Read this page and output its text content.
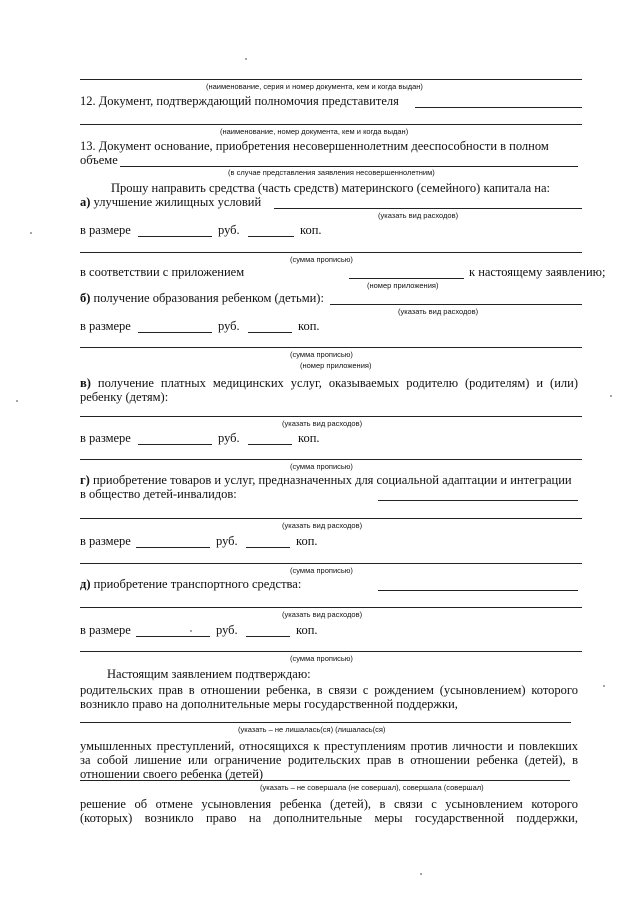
(наименование, серия и номер документа, кем и когда выдан)
12. Документ, подтверждающий полномочия представителя
(наименование, номер документа, кем и когда выдан)
13. Документ основание, приобретения несовершеннолетним дееспособности в полном
объеме
(в случае представления заявления несовершеннолетним)
Прошу направить средства (часть средств) материнского (семейного) капитала на:
а) улучшение жилищных условий
(указать вид расходов)
в размере	руб.	коп.
(сумма прописью)
в соответствии с приложением	к настоящему заявлению;
(номер приложения)
б) получение образования ребенком (детьми):
(указать вид расходов)
в размере	руб.	коп.
(сумма прописью)
(номер приложения)
в) получение платных медицинских услуг, оказываемых родителю (родителям) и (или)
ребенку (детям):
(указать вид расходов)
в размере	руб.	коп.
(сумма прописью)
г) приобретение товаров и услуг, предназначенных для социальной адаптации и интеграции
в общество детей-инвалидов:
(указать вид расходов)
в размере	руб.	коп.
(сумма прописью)
д) приобретение транспортного средства:
(указать вид расходов)
в размере	руб.	коп.
(сумма прописью)
Настоящим заявлением подтверждаю:
родительских прав в отношении ребенка, в связи с рождением (усыновлением) которого
возникло право на дополнительные меры государственной поддержки,
(указать – не лишалась(ся) (лишалась(ся)
умышленных преступлений, относящихся к преступлениям против личности и повлекших
за собой лишение или ограничение родительских прав в отношении ребенка (детей), в
отношении своего ребенка (детей)
(указать – не совершала (не совершал), совершала (совершал)
решение об отмене усыновления ребенка (детей), в связи с усыновлением которого
(которых) возникло право на дополнительные меры государственной поддержки,
